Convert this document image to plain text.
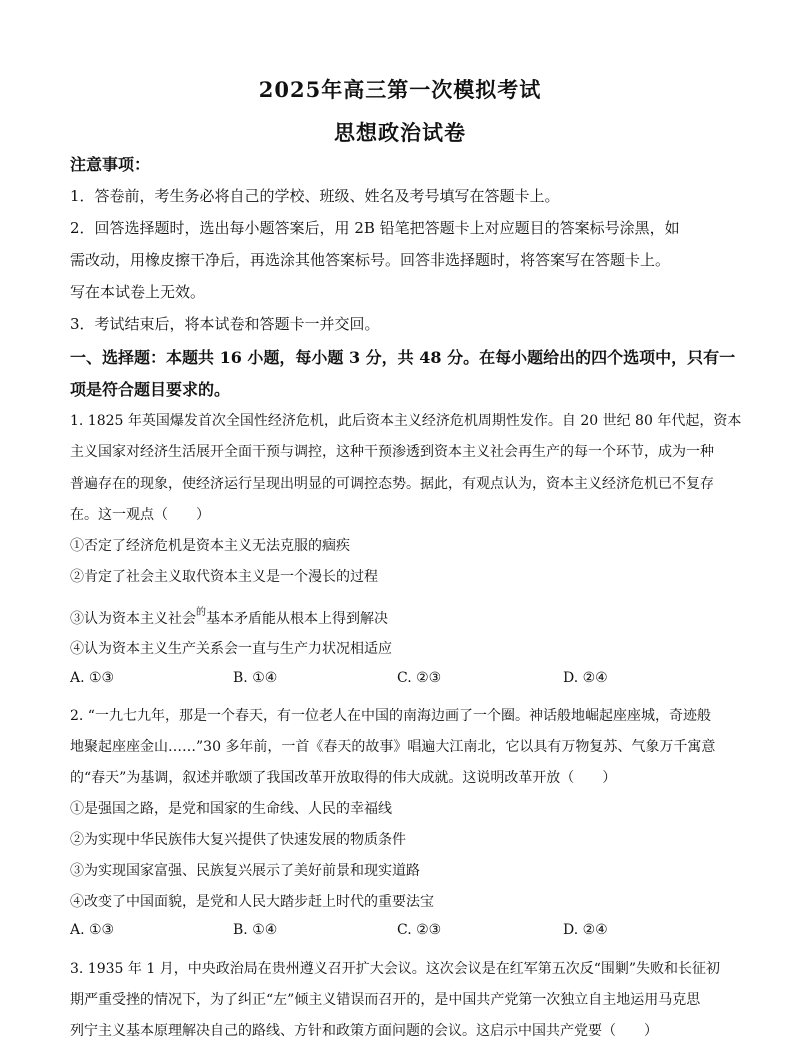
2025年高三第一次模拟考试
思想政治试卷
注意事项：
1．答卷前，考生务必将自己的学校、班级、姓名及考号填写在答题卡上。
2．回答选择题时，选出每小题答案后，用 2B 铅笔把答题卡上对应题目的答案标号涂黑，如
需改动，用橡皮擦干净后，再选涂其他答案标号。回答非选择题时，将答案写在答题卡上。
写在本试卷上无效。
3．考试结束后，将本试卷和答题卡一并交回。
一、选择题：本题共 16 小题，每小题 3 分，共 48 分。在每小题给出的四个选项中，只有一
项是符合题目要求的。
1. 1825 年英国爆发首次全国性经济危机，此后资本主义经济危机周期性发作。自 20 世纪 80 年代起，资本
主义国家对经济生活展开全面干预与调控，这种干预渗透到资本主义社会再生产的每一个环节，成为一种
普遍存在的现象，使经济运行呈现出明显的可调控态势。据此，有观点认为，资本主义经济危机已不复存
在。这一观点（　　）
①否定了经济危机是资本主义无法克服的痼疾
②肯定了社会主义取代资本主义是一个漫长的过程
③认为资本主义社会$^的$基本矛盾能从根本上得到解决
④认为资本主义生产关系会一直与生产力状况相适应
A. ①③	B. ①④	C. ②③	D. ②④
2. “一九七九年，那是一个春天，有一位老人在中国的南海边画了一个圈。神话般地崛起座座城，奇迹般
地聚起座座金山……”30 多年前，一首《春天的故事》唱遍大江南北，它以具有万物复苏、气象万千寓意
的“春天”为基调，叙述并歌颂了我国改革开放取得的伟大成就。这说明改革开放（　　）
①是强国之路，是党和国家的生命线、人民的幸福线
②为实现中华民族伟大复兴提供了快速发展的物质条件
③为实现国家富强、民族复兴展示了美好前景和现实道路
④改变了中国面貌，是党和人民大踏步赶上时代的重要法宝
A. ①③	B. ①④	C. ②③	D. ②④
3. 1935 年 1 月，中央政治局在贵州遵义召开扩大会议。这次会议是在红军第五次反“围剿”失败和长征初
期严重受挫的情况下，为了纠正“左”倾主义错误而召开的，是中国共产党第一次独立自主地运用马克思
列宁主义基本原理解决自己的路线、方针和政策方面问题的会议。这启示中国共产党要（　　）
